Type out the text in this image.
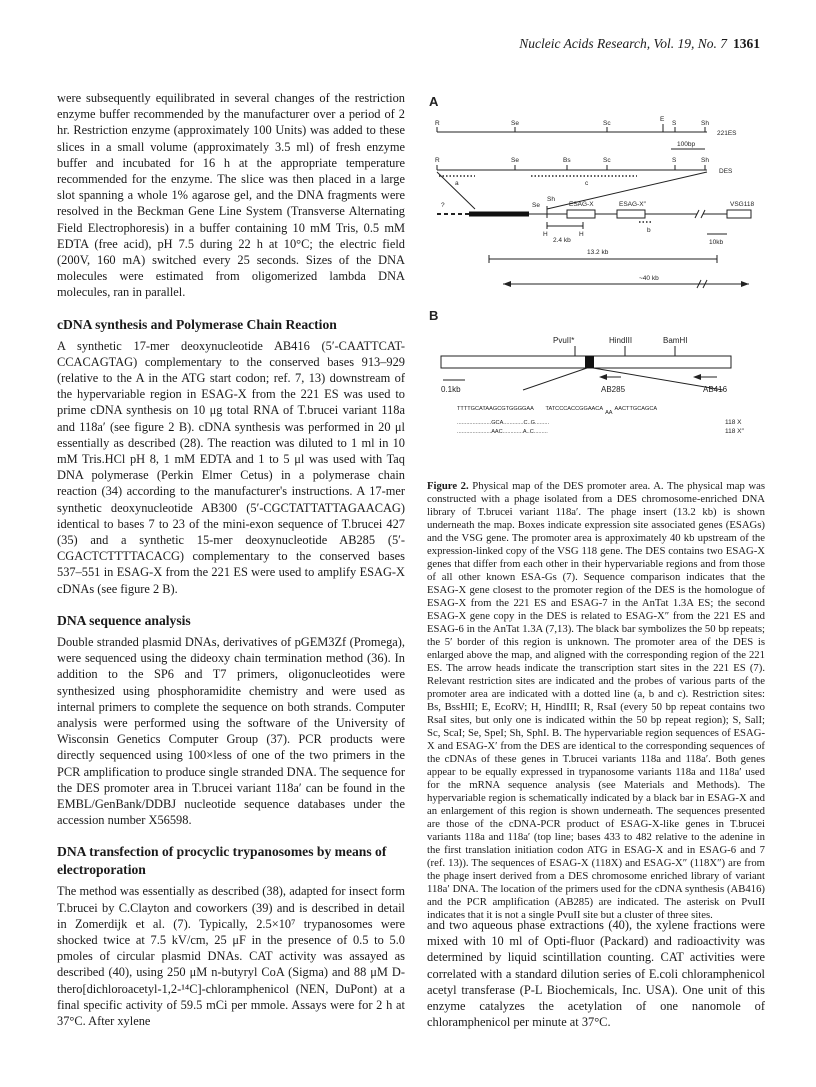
Nucleic Acids Research, Vol. 19, No. 7 1361

were subsequently equilibrated in several changes of the restriction enzyme buffer recommended by the manufacturer over a period of 2 hr. Restriction enzyme (approximately 100 Units) was added to these slices in a small volume (approximately 3.5 ml) of fresh enzyme buffer and incubated for 16 h at the appropriate temperature recommended for the enzyme. The slice was then placed in a large slot spanning a whole 1% agarose gel, and the DNA fragments were resolved in the Beckman Gene Line System (Transverse Alternating Field Electrophoresis) in a buffer containing 10 mM Tris, 0.5 mM EDTA (free acid), pH 7.5 during 22 h at 10°C; the electric field (200V, 160 mA) switched every 25 seconds. Sizes of the DNA molecules were estimated from oligomerized lambda DNA molecules, ran in parallel.

cDNA synthesis and Polymerase Chain Reaction

A synthetic 17-mer deoxynucleotide AB416 (5′-CAATTCAT-CCACAGTAG) complementary to the conserved bases 913–929 (relative to the A in the ATG start codon; ref. 7, 13) downstream of the hypervariable region in ESAG-X from the 221 ES was used to prime cDNA synthesis on 10 μg total RNA of T.brucei variant 118a and 118a′ (see figure 2 B). cDNA synthesis was performed in 20 μl essentially as described (28). The reaction was diluted to 1 ml in 10 mM Tris.HCl pH 8, 1 mM EDTA and 1 to 5 μl was used with Taq DNA polymerase (Perkin Elmer Cetus) in a polymerase chain reaction (34) according to the manufacturer's instructions. A 17-mer synthetic deoxynucleotide AB300 (5′-CGCTATTATTAGAACAG) identical to bases 7 to 23 of the mini-exon sequence of T.brucei 427 (35) and a synthetic 15-mer deoxynucleotide AB285 (5′-CGACTCTTTTACACG) complementary to the conserved bases 537–551 in ESAG-X from the 221 ES were used to amplify ESAG-X cDNAs (see figure 2 B).

DNA sequence analysis

Double stranded plasmid DNAs, derivatives of pGEM3Zf (Promega), were sequenced using the dideoxy chain termination method (36). In addition to the SP6 and T7 primers, oligonucleotides were synthesized using phosphoramidite chemistry and were used as internal primers to complete the sequence on both strands. Computer analysis were performed using the software of the University of Wisconsin Genetics Computer Group (37). PCR products were directly sequenced using 100×less of one of the two primers in the PCR amplification to produce single stranded DNA. The sequence for the DES promoter area in T.brucei variant 118a′ can be found in the EMBL/GenBank/DDBJ nucleotide sequence databases under the accession number X56598.

DNA transfection of procyclic trypanosomes by means of electroporation

The method was essentially as described (38), adapted for insect form T.brucei by C.Clayton and coworkers (39) and is described in detail in Zomerdijk et al. (7). Typically, 2.5×10⁷ trypanosomes were shocked twice at 7.5 kV/cm, 25 μF in the presence of 0.5 to 5.0 pmoles of circular plasmid DNAs. CAT activity was assayed as described (40), using 250 μM n-butyryl CoA (Sigma) and 88 μM D-thero[dichloroacetyl-1,2-¹⁴C]-chloramphenicol (NEN, DuPont) at a final specific activity of 59.5 mCi per mmole. Assays were for 2 h at 37°C. After xylene

A
R	Se	Sc
E
S	Sh
221ES
100bp
R	Se	Bs	Sc	S	Sh
DES
a	c
?	Se
Sh
ESAG-X	ESAG-X″	VSG118
H	H
2.4 kb
b
10kb
13.2 kb
~40 kb
B
PvuII*	HindIII	BamHI
0.1kb	AB285	AB416
TTTTGCATAAGCGTGGGGAA TATCCCACCGGAACAAAAACTTGCAGCA
......................GCA.............C..G.........
......................AAC.............A..C.........
118 X
118 X″
Figure 2. Physical map of the DES promoter area. A. The physical map was constructed with a phage isolated from a DES chromosome-enriched DNA library of T.brucei variant 118a′. The phage insert (13.2 kb) is shown underneath the map. Boxes indicate expression site associated genes (ESAGs) and the VSG gene. The promoter area is approximately 40 kb upstream of the expression-linked copy of the VSG 118 gene. The DES contains two ESAG-X genes that differ from each other in their hypervariable regions and from those of all other known ESA-Gs (7). Sequence comparison indicates that the ESAG-X gene closest to the promoter region of the DES is the homologue of ESAG-X from the 221 ES and ESAG-7 in the AnTat 1.3A ES; the second ESAG-X gene copy in the DES is related to ESAG-X″ from the 221 ES and ESAG-6 in the AnTat 1.3A (7,13). The black bar symbolizes the 50 bp repeats; the 5′ border of this region is unknown. The promoter area of the DES is enlarged above the map, and aligned with the corresponding region of the 221 ES. The arrow heads indicate the transcription start sites in the 221 ES (7). Relevant restriction sites are indicated and the probes of various parts of the promoter area are indicated with a dotted line (a, b and c). Restriction sites: Bs, BssHII; E, EcoRV; H, HindIII; R, RsaI (every 50 bp repeat contains two RsaI sites, but only one is indicated within the 50 bp repeat region); S, SalI; Sc, ScaI; Se, SpeI; Sh, SphI. B. The hypervariable region sequences of ESAG-X and ESAG-X′ from the DES are identical to the corresponding sequences of the cDNAs of these genes in T.brucei variants 118a and 118a′. Both genes appear to be equally expressed in trypanosome variants 118a and 118a′ used for the mRNA sequence analysis (see Materials and Methods). The hypervariable region is schematically indicated by a black bar in ESAG-X and an enlargement of this region is shown underneath. The sequences presented are those of the cDNA-PCR product of ESAG-X-like genes in T.brucei variants 118a and 118a′ (top line; bases 433 to 482 relative to the adenine in the first translation initiation codon ATG in ESAG-X and in ESAG-6 and 7 (ref. 13)). The sequences of ESAG-X (118X) and ESAG-X″ (118X″) are from the phage insert derived from a DES chromosome enriched library of variant 118a′ DNA. The location of the primers used for the cDNA synthesis (AB416) and the PCR amplification (AB285) are indicated. The asterisk on PvuII indicates that it is not a single PvuII site but a cluster of three sites.
and two aqueous phase extractions (40), the xylene fractions were mixed with 10 ml of Opti-fluor (Packard) and radioactivity was determined by liquid scintillation counting. CAT activities were correlated with a standard dilution series of E.coli chloramphenicol acetyl transferase (P-L Biochemicals, Inc. USA). One unit of this enzyme catalyzes the acetylation of one nanomole of chloramphenicol per minute at 37°C.
